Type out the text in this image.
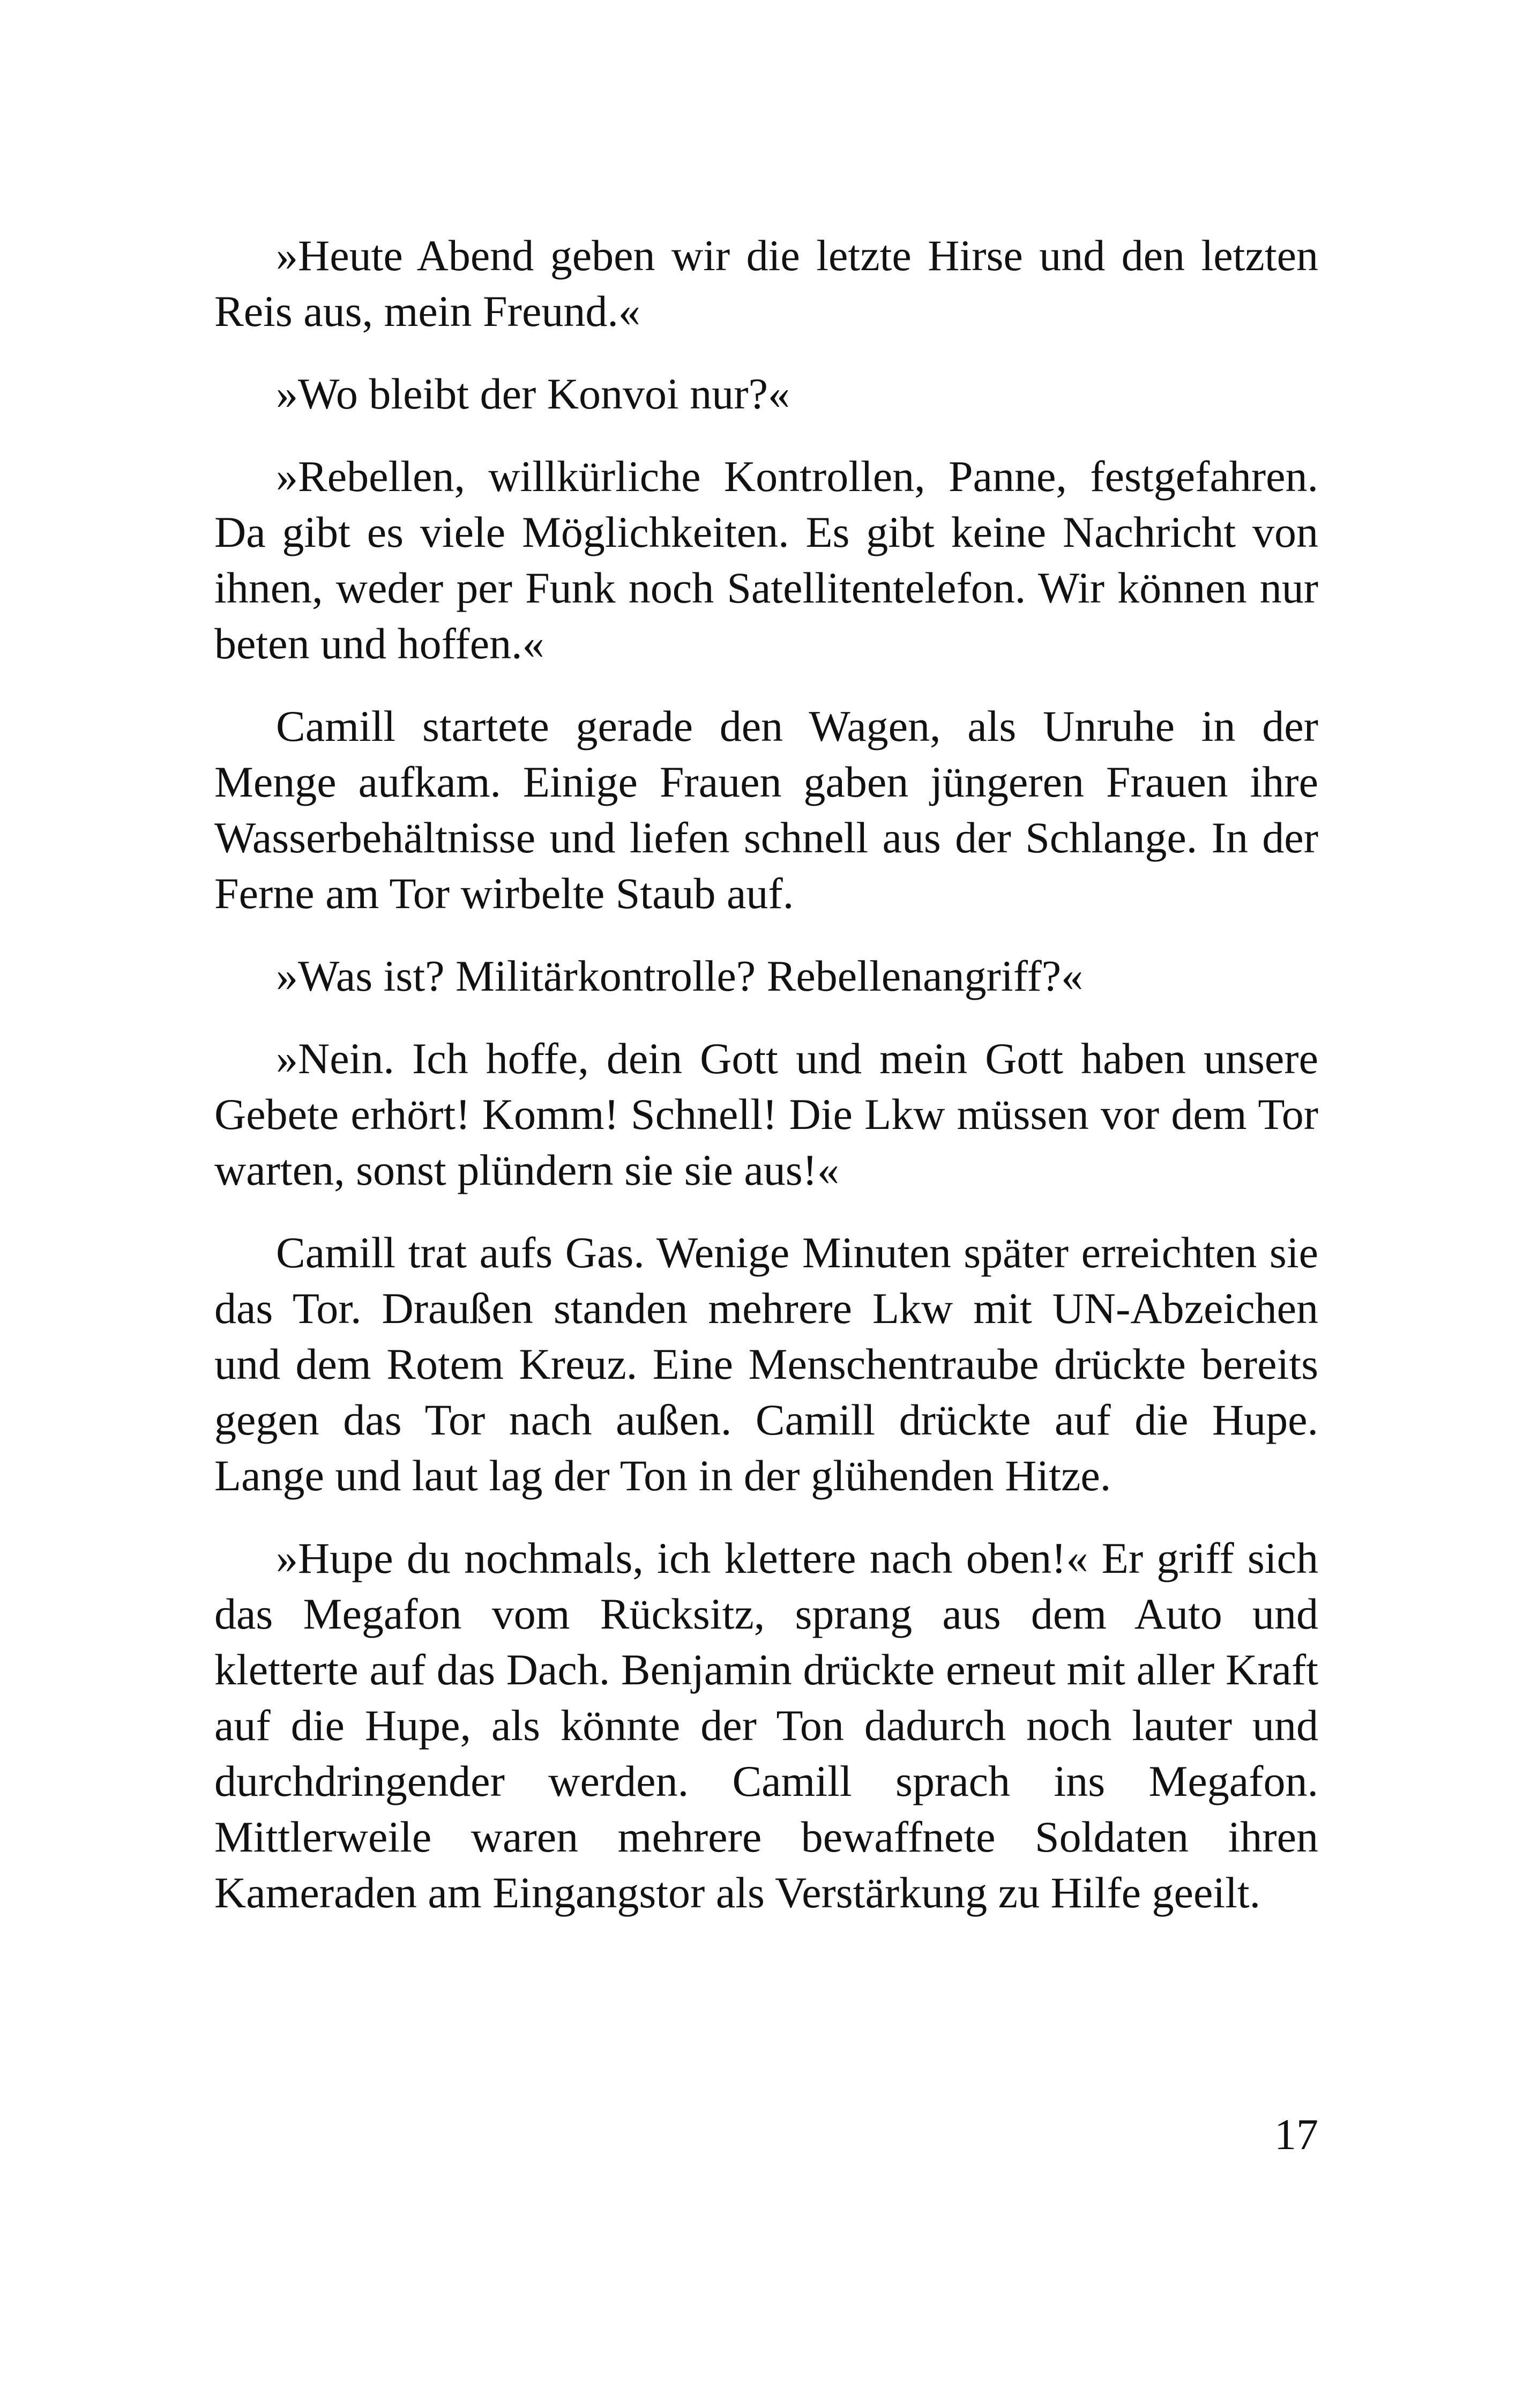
»Heute Abend geben wir die letzte Hirse und den letzten Reis aus, mein Freund.«

»Wo bleibt der Konvoi nur?«

»Rebellen, willkürliche Kontrollen, Panne, festgefahren. Da gibt es viele Möglichkeiten. Es gibt keine Nachricht von ihnen, weder per Funk noch Satellitentelefon. Wir können nur beten und hoffen.«

Camill startete gerade den Wagen, als Unruhe in der Menge aufkam. Einige Frauen gaben jüngeren Frauen ihre Wasserbehältnisse und liefen schnell aus der Schlange. In der Ferne am Tor wirbelte Staub auf.

»Was ist? Militärkontrolle? Rebellenangriff?«

»Nein. Ich hoffe, dein Gott und mein Gott haben unsere Gebete erhört! Komm! Schnell! Die Lkw müssen vor dem Tor warten, sonst plündern sie sie aus!«

Camill trat aufs Gas. Wenige Minuten später erreichten sie das Tor. Draußen standen mehrere Lkw mit UN-Abzeichen und dem Rotem Kreuz. Eine Menschentraube drückte bereits gegen das Tor nach außen. Camill drückte auf die Hupe. Lange und laut lag der Ton in der glühenden Hitze.

»Hupe du nochmals, ich klettere nach oben!« Er griff sich das Megafon vom Rücksitz, sprang aus dem Auto und kletterte auf das Dach. Benjamin drückte erneut mit aller Kraft auf die Hupe, als könnte der Ton dadurch noch lauter und durchdringender werden. Camill sprach ins Megafon. Mittlerweile waren mehrere bewaffnete Soldaten ihren Kameraden am Eingangstor als Verstärkung zu Hilfe geeilt.

17
